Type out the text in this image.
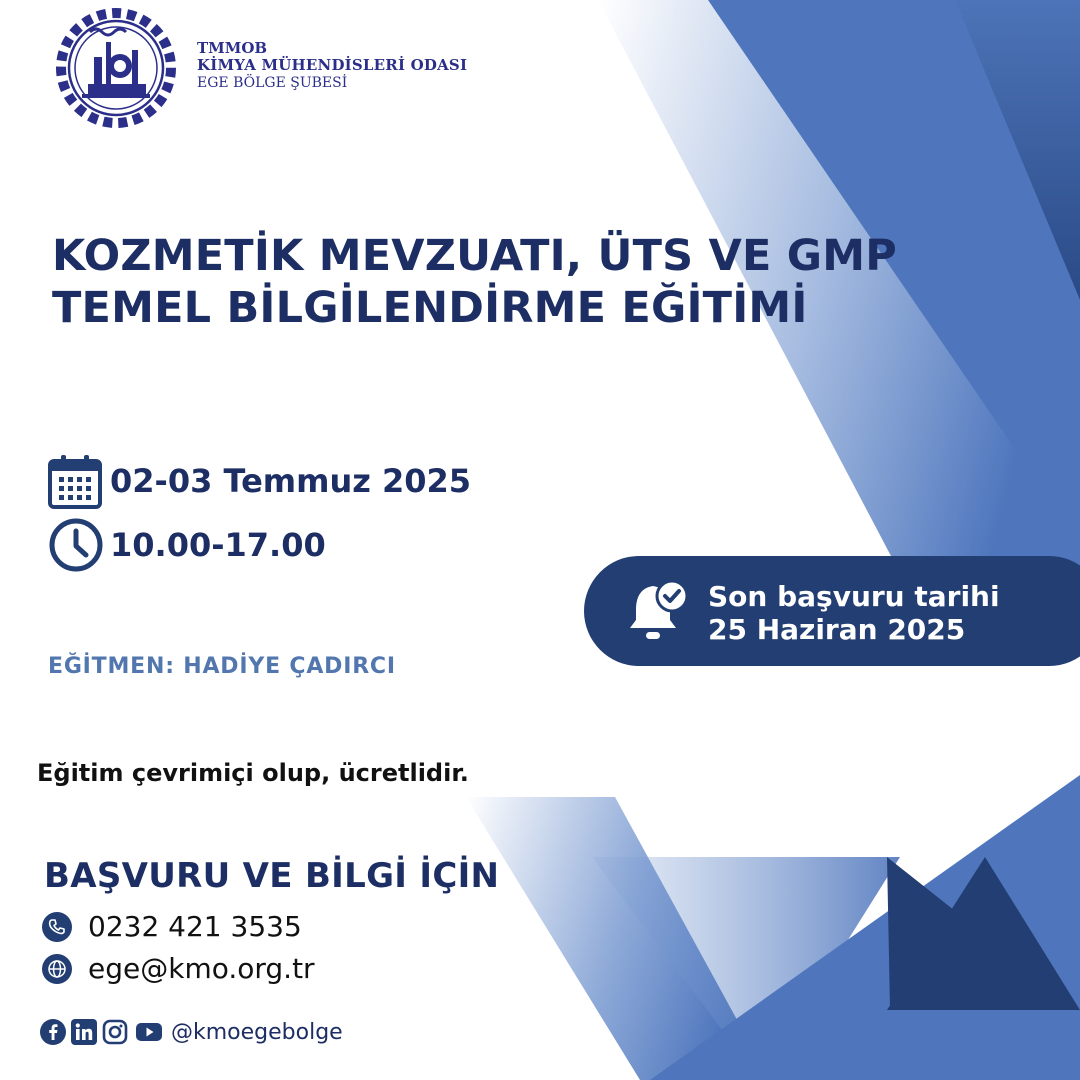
TMMOB
KİMYA MÜHENDİSLERİ ODASI
EGE BÖLGE ŞUBESİ
KOZMETİK MEVZUATI, ÜTS VE GMP
TEMEL BİLGİLENDİRME EĞİTİMİ
02-03 Temmuz 2025
10.00-17.00
Son başvuru tarihi
25 Haziran 2025
EĞİTMEN: HADİYE ÇADIRCI
Eğitim çevrimiçi olup, ücretlidir.
BAŞVURU VE BİLGİ İÇİN
0232 421 3535
ege@kmo.org.tr
@kmoegebolge
